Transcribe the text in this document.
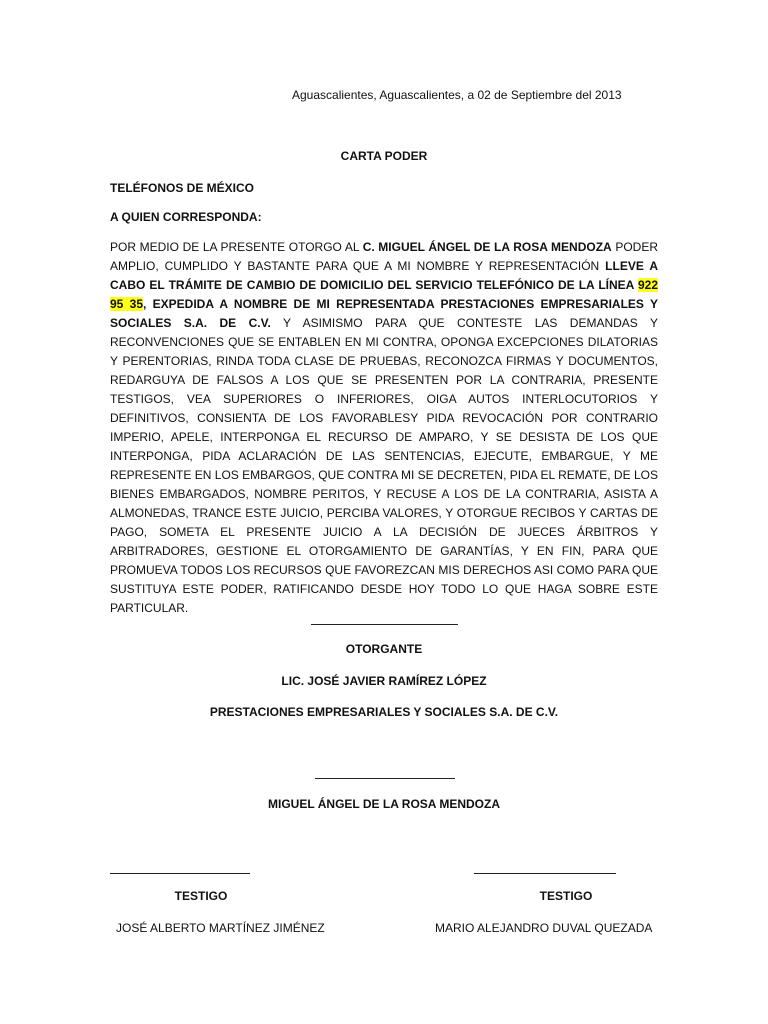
Aguascalientes, Aguascalientes, a 02 de Septiembre del 2013
CARTA PODER
TELÉFONOS DE MÉXICO
A QUIEN CORRESPONDA:
POR MEDIO DE LA PRESENTE OTORGO AL C. MIGUEL ÁNGEL DE LA ROSA MENDOZA PODER AMPLIO, CUMPLIDO Y BASTANTE PARA QUE A MI NOMBRE Y REPRESENTACIÓN LLEVE A CABO EL TRÁMITE DE CAMBIO DE DOMICILIO DEL SERVICIO TELEFÓNICO DE LA LÍNEA 922 95 35, EXPEDIDA A NOMBRE DE MI REPRESENTADA PRESTACIONES EMPRESARIALES Y SOCIALES S.A. DE C.V. Y ASIMISMO PARA QUE CONTESTE LAS DEMANDAS Y RECONVENCIONES QUE SE ENTABLEN EN MI CONTRA, OPONGA EXCEPCIONES DILATORIAS Y PERENTORIAS, RINDA TODA CLASE DE PRUEBAS, RECONOZCA FIRMAS Y DOCUMENTOS, REDARGUYA DE FALSOS A LOS QUE SE PRESENTEN POR LA CONTRARIA, PRESENTE TESTIGOS, VEA SUPERIORES O INFERIORES, OIGA AUTOS INTERLOCUTORIOS Y DEFINITIVOS, CONSIENTA DE LOS FAVORABLESY PIDA REVOCACIÓN POR CONTRARIO IMPERIO, APELE, INTERPONGA EL RECURSO DE AMPARO, Y SE DESISTA DE LOS QUE INTERPONGA, PIDA ACLARACIÓN DE LAS SENTENCIAS, EJECUTE, EMBARGUE, Y ME REPRESENTE EN LOS EMBARGOS, QUE CONTRA MI SE DECRETEN, PIDA EL REMATE, DE LOS BIENES EMBARGADOS, NOMBRE PERITOS, Y RECUSE A LOS DE LA CONTRARIA, ASISTA A ALMONEDAS, TRANCE ESTE JUICIO, PERCIBA VALORES, Y OTORGUE RECIBOS Y CARTAS DE PAGO, SOMETA EL PRESENTE JUICIO A LA DECISIÓN DE JUECES ÁRBITROS Y ARBITRADORES, GESTIONE EL OTORGAMIENTO DE GARANTÍAS, Y EN FIN, PARA QUE PROMUEVA TODOS LOS RECURSOS QUE FAVOREZCAN MIS DERECHOS ASI COMO PARA QUE SUSTITUYA ESTE PODER, RATIFICANDO DESDE HOY TODO LO QUE HAGA SOBRE ESTE PARTICULAR.
OTORGANTE
LIC. JOSÉ JAVIER RAMÍREZ LÓPEZ
PRESTACIONES EMPRESARIALES Y SOCIALES S.A. DE C.V.
MIGUEL ÁNGEL DE LA ROSA MENDOZA
TESTIGO	TESTIGO
JOSÉ ALBERTO MARTÍNEZ JIMÉNEZ	MARIO ALEJANDRO DUVAL QUEZADA
